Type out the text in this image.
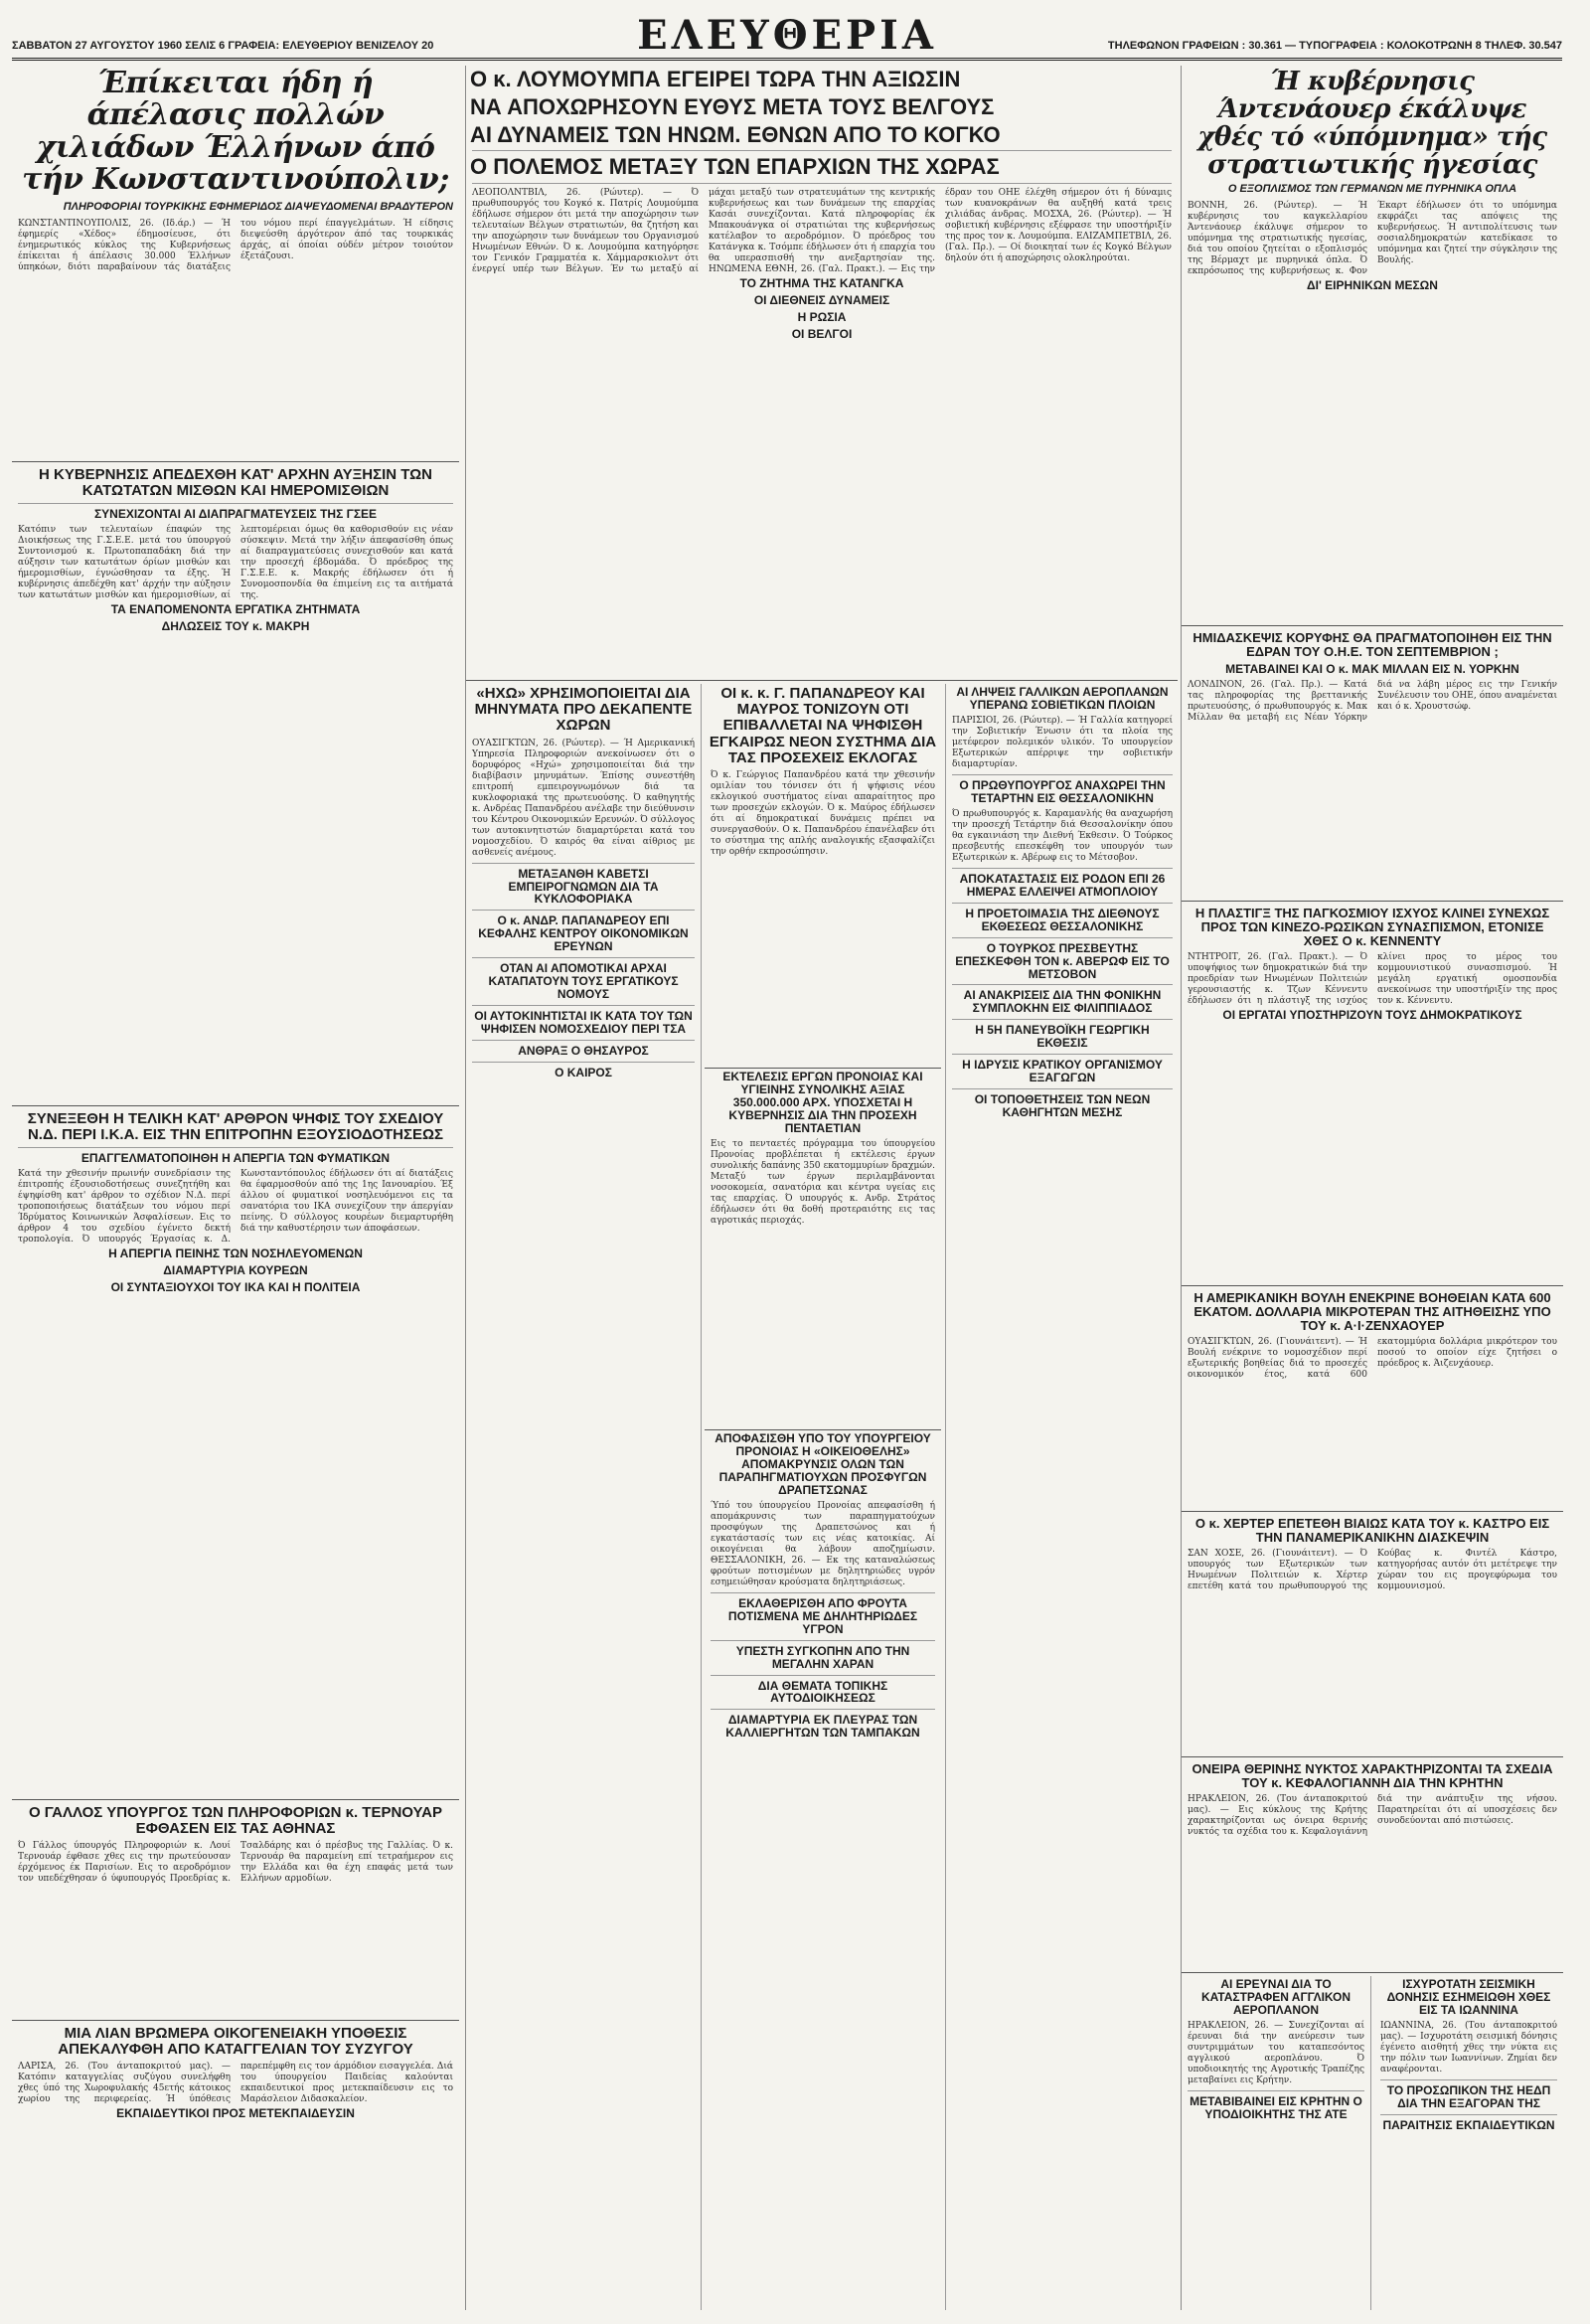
ΣΑΒΒΑΤΟΝ 27 ΑΥΓΟΥΣΤΟΥ 1960 ΣΕΛΙΣ 6 ΓΡΑΦΕΙΑ: ΕΛΕΥΘΕΡΙΟΥ ΒΕΝΙΖΕΛΟΥ 20	ΕΛΕΥΘΕΡΙΑ	ΤΗΛΕΦΩΝΟΝ ΓΡΑΦΕΙΩΝ : 30.361 — ΤΥΠΟΓΡΑΦΕΙΑ : ΚΟΛΟΚΟΤΡΩΝΗ 8 ΤΗΛΕΦ. 30.547
Έπίκειται ήδη ή άπέλασις πολλών χιλιάδων Έλλήνων άπό τήν Κωνσταντινούπολιν;
ΠΛΗΡΟΦΟΡΙΑΙ ΤΟΥΡΚΙΚΗΣ ΕΦΗΜΕΡΙΔΟΣ ΔΙΑΨΕΥΔΟΜΕΝΑΙ ΒΡΑΔΥΤΕΡΟΝ

ΚΩΝΣΤΑΝΤΙΝΟΥΠΟΛΙΣ, 26. (Ιδ.άρ.) — Ή έφημερίς «Χέδος» έδημοσίευσε, ότι ένημερωτικός κύκλος της Κυβερνήσεως έπίκειται ή άπέλασις 30.000 Έλλήνων ύπηκόων, διότι παραβαίνουν τάς διατάξεις του νόμου περί έπαγγελμάτων. Ή είδησις διεψεύσθη άργότερον άπό τας τουρκικάς άρχάς, αί όποίαι ούδέν μέτρον τοιούτον έξετάζουσι.

Η ΚΥΒΕΡΝΗΣΙΣ ΑΠΕΔΕΧΘΗ ΚΑΤ' ΑΡΧΗΝ ΑΥΞΗΣΙΝ ΤΩΝ ΚΑΤΩΤΑΤΩΝ ΜΙΣΘΩΝ ΚΑΙ ΗΜΕΡΟΜΙΣΘΙΩΝ
ΣΥΝΕΧΙΖΟΝΤΑΙ ΑΙ ΔΙΑΠΡΑΓΜΑΤΕΥΣΕΙΣ ΤΗΣ ΓΣΕΕ

Κατόπιν των τελευταίων έπαφών της Διοικήσεως της Γ.Σ.Ε.Ε. μετά του ύπουργού Συντονισμού κ. Πρωτοπαπαδάκη διά την αύξησιν των κατωτάτων όρίων μισθών και ήμερομισθίων, έγνώσθησαν τα έξης. Ή κυβέρνησις άπεδέχθη κατ' άρχήν την αύξησιν των κατωτάτων μισθών και ήμερομισθίων, αί λεπτομέρειαι όμως θα καθορισθούν εις νέαν σύσκεψιν. Μετά την λήξιν άπεφασίσθη όπως αί διαπραγματεύσεις συνεχισθούν και κατά την προσεχή έβδομάδα. Ό πρόεδρος της Γ.Σ.Ε.Ε. κ. Μακρής έδήλωσεν ότι ή Συνομοσπονδία θα έπιμείνη εις τα αιτήματά της.

ΤΑ ΕΝΑΠΟΜΕΝΟΝΤΑ ΕΡΓΑΤΙΚΑ ΖΗΤΗΜΑΤΑ
ΔΗΛΩΣΕΙΣ ΤΟΥ κ. ΜΑΚΡΗ
ΣΥΝΕΞΕΘΗ Η ΤΕΛΙΚΗ ΚΑΤ' ΑΡΘΡΟΝ ΨΗΦΙΣ ΤΟΥ ΣΧΕΔΙΟΥ Ν.Δ. ΠΕΡΙ Ι.Κ.Α. ΕΙΣ ΤΗΝ ΕΠΙΤΡΟΠΗΝ ΕΞΟΥΣΙΟΔΟΤΗΣΕΩΣ
ΕΠΑΓΓΕΛΜΑΤΟΠΟΙΗΘΗ Η ΑΠΕΡΓΙΑ ΤΩΝ ΦΥΜΑΤΙΚΩΝ

Κατά την χθεσινήν πρωινήν συνεδρίασιν της έπιτροπής έξουσιοδοτήσεως συνεζητήθη και έψηφίσθη κατ' άρθρον το σχέδιον Ν.Δ. περί τροποποιήσεως διατάξεων του νόμου περί Ίδρύματος Κοινωνικών Άσφαλίσεων. Εις το άρθρον 4 του σχεδίου έγένετο δεκτή τροπολογία. Ό υπουργός Έργασίας κ. Δ. Κωνσταντόπουλος έδήλωσεν ότι αί διατάξεις θα έφαρμοσθούν από της 1ης Ιανουαρίου. Έξ άλλου οί φυματικοί νοσηλευόμενοι εις τα σανατόρια του ΙΚΑ συνεχίζουν την άπεργίαν πείνης. Ό σύλλογος κουρέων διεμαρτυρήθη διά την καθυστέρησιν των άποφάσεων.

Η ΑΠΕΡΓΙΑ ΠΕΙΝΗΣ ΤΩΝ ΝΟΣΗΛΕΥΟΜΕΝΩΝ
ΔΙΑΜΑΡΤΥΡΙΑ ΚΟΥΡΕΩΝ
ΟΙ ΣΥΝΤΑΞΙΟΥΧΟΙ ΤΟΥ ΙΚΑ ΚΑΙ Η ΠΟΛΙΤΕΙΑ
Ο ΓΑΛΛΟΣ ΥΠΟΥΡΓΟΣ ΤΩΝ ΠΛΗΡΟΦΟΡΙΩΝ κ. ΤΕΡΝΟΥΑΡ ΕΦΘΑΣΕΝ ΕΙΣ ΤΑΣ ΑΘΗΝΑΣ

Ό Γάλλος ύπουργός Πληροφοριών κ. Λουί Τερνουάρ έφθασε χθες εις την πρωτεύουσαν έρχόμενος έκ Παρισίων. Εις το αεροδρόμιον τον υπεδέχθησαν ό ύφυπουργός Προεδρίας κ. Τσαλδάρης και ό πρέσβυς της Γαλλίας. Ό κ. Τερνουάρ θα παραμείνη επί τετραήμερον εις την Ελλάδα και θα έχη επαφάς μετά των Ελλήνων αρμοδίων.

ΜΙΑ ΛΙΑΝ ΒΡΩΜΕΡΑ ΟΙΚΟΓΕΝΕΙΑΚΗ ΥΠΟΘΕΣΙΣ ΑΠΕΚΑΛΥΦΘΗ ΑΠΟ ΚΑΤΑΓΓΕΛΙΑΝ ΤΟΥ ΣΥΖΥΓΟΥ

ΛΑΡΙΣΑ, 26. (Του άνταποκριτού μας). — Κατόπιν καταγγελίας συζύγου συνελήφθη χθες ύπό της Χωροφυλακής 45ετής κάτοικος χωρίου της περιφερείας. Ή ύπόθεσις παρεπέμφθη εις τον άρμόδιον εισαγγελέα. Διά του ύπουργείου Παιδείας καλούνται εκπαιδευτικοί προς μετεκπαίδευσιν εις το Μαράσλειον Διδασκαλείον.

ΕΚΠΑΙΔΕΥΤΙΚΟΙ ΠΡΟΣ ΜΕΤΕΚΠΑΙΔΕΥΣΙΝ
Ο κ. ΛΟΥΜΟΥΜΠΑ ΕΓΕΙΡΕΙ ΤΩΡΑ ΤΗΝ ΑΞΙΩΣΙΝ
ΝΑ ΑΠΟΧΩΡΗΣΟΥΝ ΕΥΘΥΣ ΜΕΤΑ ΤΟΥΣ ΒΕΛΓΟΥΣ
ΑΙ ΔΥΝΑΜΕΙΣ ΤΩΝ ΗΝΩΜ. ΕΘΝΩΝ ΑΠΟ ΤΟ ΚΟΓΚΟ
Ο ΠΟΛΕΜΟΣ ΜΕΤΑΞΥ ΤΩΝ ΕΠΑΡΧΙΩΝ ΤΗΣ ΧΩΡΑΣ

ΛΕΟΠΟΛΝΤΒΙΛ, 26. (Ρώυτερ). — Ό πρωθυπουργός του Κογκό κ. Πατρίς Λουμούμπα έδήλωσε σήμερον ότι μετά την αποχώρησιν των τελευταίων Βέλγων στρατιωτών, θα ζητήση και την αποχώρησιν των δυνάμεων του Οργανισμού Ηνωμένων Εθνών. Ό κ. Λουμούμπα κατηγόρησε τον Γενικόν Γραμματέα κ. Χάμμαρσκιολντ ότι ένεργεί υπέρ των Βέλγων. Έν τω μεταξύ αί μάχαι μεταξύ των στρατευμάτων της κεντρικής κυβερνήσεως και των δυνάμεων της επαρχίας Κασάι συνεχίζονται. Κατά πληροφορίας έκ Μπακουάνγκα οί στρατιώται της κυβερνήσεως κατέλαβον το αεροδρόμιον. Ό πρόεδρος του Κατάνγκα κ. Τσόμπε έδήλωσεν ότι ή επαρχία του θα υπερασπισθή την ανεξαρτησίαν της. ΗΝΩΜΕΝΑ ΕΘΝΗ, 26. (Γαλ. Πρακτ.). — Εις την έδραν του ΟΗΕ έλέχθη σήμερον ότι ή δύναμις των κυανοκράνων θα αυξηθή κατά τρεις χιλιάδας άνδρας. ΜΟΣΧΑ, 26. (Ρώυτερ). — Ή σοβιετική κυβέρνησις εξέφρασε την υποστήριξίν της προς τον κ. Λουμούμπα. ΕΛΙΖΑΜΠΕΤΒΙΛ, 26. (Γαλ. Πρ.). — Οί διοικηταί των ές Κογκό Βέλγων δηλούν ότι ή αποχώρησις ολοκληρούται.

ΤΟ ΖΗΤΗΜΑ ΤΗΣ ΚΑΤΑΝΓΚΑ
ΟΙ ΔΙΕΘΝΕΙΣ ΔΥΝΑΜΕΙΣ
Η ΡΩΣΙΑ
ΟΙ ΒΕΛΓΟΙ
«ΗΧΩ» ΧΡΗΣΙΜΟΠΟΙΕΙΤΑΙ ΔΙΑ ΜΗΝΥΜΑΤΑ ΠΡΟ ΔΕΚΑΠΕΝΤΕ ΧΩΡΩΝ

ΟΥΑΣΙΓΚΤΩΝ, 26. (Ρώυτερ). — Ή Αμερικανική Υπηρεσία Πληροφοριών ανεκοίνωσεν ότι ο δορυφόρος «Ηχώ» χρησιμοποιείται διά την διαβίβασιν μηνυμάτων. Έπίσης συνεστήθη επιτροπή εμπειρογνωμόνων διά τα κυκλοφοριακά της πρωτευούσης. Ό καθηγητής κ. Ανδρέας Παπανδρέου ανέλαβε την διεύθυνσιν του Κέντρου Οικονομικών Ερευνών. Ό σύλλογος των αυτοκινητιστών διαμαρτύρεται κατά του νομοσχεδίου. Ό καιρός θα είναι αίθριος με ασθενείς ανέμους.

ΜΕΤΑΞΑΝΘΗ ΚΑΒΕΤΣΙ ΕΜΠΕΙΡΟΓΝΩΜΩΝ ΔΙΑ ΤΑ ΚΥΚΛΟΦΟΡΙΑΚΑ
Ο κ. ΑΝΔΡ. ΠΑΠΑΝΔΡΕΟΥ ΕΠΙ ΚΕΦΑΛΗΣ ΚΕΝΤΡΟΥ ΟΙΚΟΝΟΜΙΚΩΝ ΕΡΕΥΝΩΝ
ΟΤΑΝ ΑΙ ΑΠΟΜΟΤΙΚΑΙ ΑΡΧΑΙ ΚΑΤΑΠΑΤΟΥΝ ΤΟΥΣ ΕΡΓΑΤΙΚΟΥΣ ΝΟΜΟΥΣ
ΟΙ ΑΥΤΟΚΙΝΗΤΙΣΤΑΙ ΙΚ ΚΑΤΑ ΤΟΥ ΤΩΝ ΨΗΦΙΣΕΝ ΝΟΜΟΣΧΕΔΙΟΥ ΠΕΡΙ ΤΣΑ
ΑΝΘΡΑΞ Ο ΘΗΣΑΥΡΟΣ
Ο ΚΑΙΡΟΣ
ΟΙ κ. κ. Γ. ΠΑΠΑΝΔΡΕΟΥ ΚΑΙ ΜΑΥΡΟΣ ΤΟΝΙΖΟΥΝ ΟΤΙ ΕΠΙΒΑΛΛΕΤΑΙ ΝΑ ΨΗΦΙΣΘΗ ΕΓΚΑΙΡΩΣ ΝΕΟΝ ΣΥΣΤΗΜΑ ΔΙΑ ΤΑΣ ΠΡΟΣΕΧΕΙΣ ΕΚΛΟΓΑΣ

Ό κ. Γεώργιος Παπανδρέου κατά την χθεσινήν ομιλίαν του τόνισεν ότι ή ψήφισις νέου εκλογικού συστήματος είναι απαραίτητος προ των προσεχών εκλογών. Ό κ. Μαύρος έδήλωσεν ότι αί δημοκρατικαί δυνάμεις πρέπει να συνεργασθούν. Ο κ. Παπανδρέου έπανέλαβεν ότι το σύστημα της απλής αναλογικής εξασφαλίζει την ορθήν εκπροσώπησιν.

ΑΙ ΛΗΨΕΙΣ ΓΑΛΛΙΚΩΝ ΑΕΡΟΠΛΑΝΩΝ ΥΠΕΡΑΝΩ ΣΟΒΙΕΤΙΚΩΝ ΠΛΟΙΩΝ

ΠΑΡΙΣΙΟΙ, 26. (Ρώυτερ). — Ή Γαλλία κατηγορεί την Σοβιετικήν Ένωσιν ότι τα πλοία της μετέφερον πολεμικόν υλικόν. Το υπουργείον Εξωτερικών απέρριψε την σοβιετικήν διαμαρτυρίαν.

Ο ΠΡΩΘΥΠΟΥΡΓΟΣ ΑΝΑΧΩΡΕΙ ΤΗΝ ΤΕΤΑΡΤΗΝ ΕΙΣ ΘΕΣΣΑΛΟΝΙΚΗΝ

Ό πρωθυπουργός κ. Καραμανλής θα αναχωρήση την προσεχή Τετάρτην διά Θεσσαλονίκην όπου θα εγκαινιάση την Διεθνή Έκθεσιν. Ό Τούρκος πρεσβευτής επεσκέφθη τον υπουργόν των Εξωτερικών κ. Αβέρωφ εις το Μέτσοβον.

ΑΠΟΚΑΤΑΣΤΑΣΙΣ ΕΙΣ ΡΟΔΟΝ ΕΠΙ 26 ΗΜΕΡΑΣ ΕΛΛΕΙΨΕΙ ΑΤΜΟΠΛΟΙΟΥ
Η ΠΡΟΕΤΟΙΜΑΣΙΑ ΤΗΣ ΔΙΕΘΝΟΥΣ ΕΚΘΕΣΕΩΣ ΘΕΣΣΑΛΟΝΙΚΗΣ
Ο ΤΟΥΡΚΟΣ ΠΡΕΣΒΕΥΤΗΣ ΕΠΕΣΚΕΦΘΗ ΤΟΝ κ. ΑΒΕΡΩΦ ΕΙΣ ΤΟ ΜΕΤΣΟΒΟΝ
ΑΙ ΑΝΑΚΡΙΣΕΙΣ ΔΙΑ ΤΗΝ ΦΟΝΙΚΗΝ ΣΥΜΠΛΟΚΗΝ ΕΙΣ ΦΙΛΙΠΠΙΑΔΟΣ
Η 5Η ΠΑΝΕΥΒΟΪΚΗ ΓΕΩΡΓΙΚΗ ΕΚΘΕΣΙΣ
Η ΙΔΡΥΣΙΣ ΚΡΑΤΙΚΟΥ ΟΡΓΑΝΙΣΜΟΥ ΕΞΑΓΩΓΩΝ
ΟΙ ΤΟΠΟΘΕΤΗΣΕΙΣ ΤΩΝ ΝΕΩΝ ΚΑΘΗΓΗΤΩΝ ΜΕΣΗΣ
ΕΚΤΕΛΕΣΙΣ ΕΡΓΩΝ ΠΡΟΝΟΙΑΣ ΚΑΙ ΥΓΙΕΙΝΗΣ ΣΥΝΟΛΙΚΗΣ ΑΞΙΑΣ 350.000.000 ΑΡΧ. ΥΠΟΣΧΕΤΑΙ Η ΚΥΒΕΡΝΗΣΙΣ ΔΙΑ ΤΗΝ ΠΡΟΣΕΧΗ ΠΕΝΤΑΕΤΙΑΝ

Εις το πενταετές πρόγραμμα του ύπουργείου Προνοίας προβλέπεται ή εκτέλεσις έργων συνολικής δαπάνης 350 εκατομμυρίων δραχμών. Μεταξύ των έργων περιλαμβάνονται νοσοκομεία, σανατόρια και κέντρα υγείας εις τας επαρχίας. Ό υπουργός κ. Ανδρ. Στράτος έδήλωσεν ότι θα δοθή προτεραιότης εις τας αγροτικάς περιοχάς.

ΑΠΟΦΑΣΙΣΘΗ ΥΠΟ ΤΟΥ ΥΠΟΥΡΓΕΙΟΥ ΠΡΟΝΟΙΑΣ Η «ΟΙΚΕΙΟΘΕΛΗΣ» ΑΠΟΜΑΚΡΥΝΣΙΣ ΟΛΩΝ ΤΩΝ ΠΑΡΑΠΗΓΜΑΤΙΟΥΧΩΝ ΠΡΟΣΦΥΓΩΝ ΔΡΑΠΕΤΣΩΝΑΣ

Ύπό του ύπουργείου Προνοίας απεφασίσθη ή απομάκρυνσις των παραπηγματούχων προσφύγων της Δραπετσώνος και ή εγκατάστασίς των εις νέας κατοικίας. Αί οικογένειαι θα λάβουν αποζημίωσιν. ΘΕΣΣΑΛΟΝΙΚΗ, 26. — Εκ της καταναλώσεως φρούτων ποτισμένων με δηλητηριώδες υγρόν εσημειώθησαν κρούσματα δηλητηριάσεως.

ΕΚΛΑΘΕΡΙΣΘΗ ΑΠΟ ΦΡΟΥΤΑ ΠΟΤΙΣΜΕΝΑ ΜΕ ΔΗΛΗΤΗΡΙΩΔΕΣ ΥΓΡΟΝ
ΥΠΕΣΤΗ ΣΥΓΚΟΠΗΝ ΑΠΟ ΤΗΝ ΜΕΓΑΛΗΝ ΧΑΡΑΝ
ΔΙΑ ΘΕΜΑΤΑ ΤΟΠΙΚΗΣ ΑΥΤΟΔΙΟΙΚΗΣΕΩΣ
ΔΙΑΜΑΡΤΥΡΙΑ ΕΚ ΠΛΕΥΡΑΣ ΤΩΝ ΚΑΛΛΙΕΡΓΗΤΩΝ ΤΩΝ ΤΑΜΠΑΚΩΝ
Ή κυβέρνησις Άντενάουερ έκάλυψε χθές τό «ύπόμνημα» τής στρατιωτικής ήγεσίας
Ο ΕΞΟΠΛΙΣΜΟΣ ΤΩΝ ΓΕΡΜΑΝΩΝ ΜΕ ΠΥΡΗΝΙΚΑ ΟΠΛΑ

ΒΟΝΝΗ, 26. (Ρώυτερ). — Ή κυβέρνησις του καγκελλαρίου Άντενάουερ έκάλυψε σήμερον το υπόμνημα της στρατιωτικής ηγεσίας, διά του οποίου ζητείται ο εξοπλισμός της Βέρμαχτ με πυρηνικά όπλα. Ό εκπρόσωπος της κυβερνήσεως κ. Φον Έκαρτ έδήλωσεν ότι το υπόμνημα εκφράζει τας απόψεις της κυβερνήσεως. Ή αντιπολίτευσις των σοσιαλδημοκρατών κατεδίκασε το υπόμνημα και ζητεί την σύγκλησιν της Βουλής.

ΔΙ' ΕΙΡΗΝΙΚΩΝ ΜΕΣΩΝ
ΗΜΙΔΑΣΚΕΨΙΣ ΚΟΡΥΦΗΣ ΘΑ ΠΡΑΓΜΑΤΟΠΟΙΗΘΗ ΕΙΣ ΤΗΝ ΕΔΡΑΝ ΤΟΥ Ο.Η.Ε. ΤΟΝ ΣΕΠΤΕΜΒΡΙΟΝ ;
ΜΕΤΑΒΑΙΝΕΙ ΚΑΙ Ο κ. ΜΑΚ ΜΙΛΛΑΝ ΕΙΣ Ν. ΥΟΡΚΗΝ

ΛΟΝΔΙΝΟΝ, 26. (Γαλ. Πρ.). — Κατά τας πληροφορίας της βρεττανικής πρωτευούσης, ό πρωθυπουργός κ. Μακ Μίλλαν θα μεταβή εις Νέαν Υόρκην διά να λάβη μέρος εις την Γενικήν Συνέλευσιν του ΟΗΕ, όπου αναμένεται και ό κ. Χρουστσώφ.

Η ΠΛΑΣΤΙΓΞ ΤΗΣ ΠΑΓΚΟΣΜΙΟΥ ΙΣΧΥΟΣ ΚΛΙΝΕΙ ΣΥΝΕΧΩΣ ΠΡΟΣ ΤΩΝ ΚΙΝΕΖΟ-ΡΩΣΙΚΩΝ ΣΥΝΑΣΠΙΣΜΟΝ, ΕΤΟΝΙΣΕ ΧΘΕΣ Ο κ. ΚΕΝΝΕΝΤΥ

ΝΤΗΤΡΟΙΤ, 26. (Γαλ. Πρακτ.). — Ό υποψήφιος των δημοκρατικών διά την προεδρίαν των Ηνωμένων Πολιτειών γερουσιαστής κ. Τζων Κέννεντυ έδήλωσεν ότι η πλάστιγξ της ισχύος κλίνει προς το μέρος του κομμουνιστικού συνασπισμού. Ή μεγάλη εργατική ομοσπονδία ανεκοίνωσε την υποστήριξίν της προς τον κ. Κέννεντυ.

ΟΙ ΕΡΓΑΤΑΙ ΥΠΟΣΤΗΡΙΖΟΥΝ ΤΟΥΣ ΔΗΜΟΚΡΑΤΙΚΟΥΣ
Η ΑΜΕΡΙΚΑΝΙΚΗ ΒΟΥΛΗ ΕΝΕΚΡΙΝΕ ΒΟΗΘΕΙΑΝ ΚΑΤΑ 600 ΕΚΑΤΟΜ. ΔΟΛΛΑΡΙΑ ΜΙΚΡΟΤΕΡΑΝ ΤΗΣ ΑΙΤΗΘΕΙΣΗΣ ΥΠΟ ΤΟΥ κ. Α·Ι·ΖΕΝΧΑΟΥΕΡ

ΟΥΑΣΙΓΚΤΩΝ, 26. (Γιουνάιτεντ). — Ή Βουλή ενέκρινε το νομοσχέδιον περί εξωτερικής βοηθείας διά το προσεχές οικονομικόν έτος, κατά 600 εκατομμύρια δολλάρια μικρότερον του ποσού το οποίον είχε ζητήσει ο πρόεδρος κ. Άιζενχάουερ.

Ο κ. ΧΕΡΤΕΡ ΕΠΕΤΕΘΗ ΒΙΑΙΩΣ ΚΑΤΑ ΤΟΥ κ. ΚΑΣΤΡΟ ΕΙΣ ΤΗΝ ΠΑΝΑΜΕΡΙΚΑΝΙΚΗΝ ΔΙΑΣΚΕΨΙΝ

ΣΑΝ ΧΟΣΕ, 26. (Γιουνάιτεντ). — Ό υπουργός των Εξωτερικών των Ηνωμένων Πολιτειών κ. Χέρτερ επετέθη κατά του πρωθυπουργού της Κούβας κ. Φιντέλ Κάστρο, κατηγορήσας αυτόν ότι μετέτρεψε την χώραν του εις προγεφύρωμα του κομμουνισμού.

ΟΝΕΙΡΑ ΘΕΡΙΝΗΣ ΝΥΚΤΟΣ ΧΑΡΑΚΤΗΡΙΖΟΝΤΑΙ ΤΑ ΣΧΕΔΙΑ ΤΟΥ κ. ΚΕΦΑΛΟΓΙΑΝΝΗ ΔΙΑ ΤΗΝ ΚΡΗΤΗΝ

ΗΡΑΚΛΕΙΟΝ, 26. (Του άνταποκριτού μας). — Εις κύκλους της Κρήτης χαρακτηρίζονται ως όνειρα θερινής νυκτός τα σχέδια του κ. Κεφαλογιάννη διά την ανάπτυξιν της νήσου. Παρατηρείται ότι αί υποσχέσεις δεν συνοδεύονται από πιστώσεις.

ΑΙ ΕΡΕΥΝΑΙ ΔΙΑ ΤΟ ΚΑΤΑΣΤΡΑΦΕΝ ΑΓΓΛΙΚΟΝ ΑΕΡΟΠΛΑΝΟΝ

ΗΡΑΚΛΕΙΟΝ, 26. — Συνεχίζονται αί έρευναι διά την ανεύρεσιν των συντριμμάτων του καταπεσόντος αγγλικού αεροπλάνου. Ό υποδιοικητής της Αγροτικής Τραπέζης μεταβαίνει εις Κρήτην.

ΜΕΤΑΒΙΒΑΙΝΕΙ ΕΙΣ ΚΡΗΤΗΝ Ο ΥΠΟΔΙΟΙΚΗΤΗΣ ΤΗΣ ΑΤΕ
ΙΣΧΥΡΟΤΑΤΗ ΣΕΙΣΜΙΚΗ ΔΟΝΗΣΙΣ ΕΣΗΜΕΙΩΘΗ ΧΘΕΣ ΕΙΣ ΤΑ ΙΩΑΝΝΙΝΑ

ΙΩΑΝΝΙΝΑ, 26. (Του άνταποκριτού μας). — Ισχυροτάτη σεισμική δόνησις έγένετο αισθητή χθες την νύκτα εις την πόλιν των Ιωαννίνων. Ζημίαι δεν αναφέρονται.

ΤΟ ΠΡΟΣΩΠΙΚΟΝ ΤΗΣ ΗΕΔΠ ΔΙΑ ΤΗΝ ΕΞΑΓΟΡΑΝ ΤΗΣ
ΠΑΡΑΙΤΗΣΙΣ ΕΚΠΑΙΔΕΥΤΙΚΩΝ
